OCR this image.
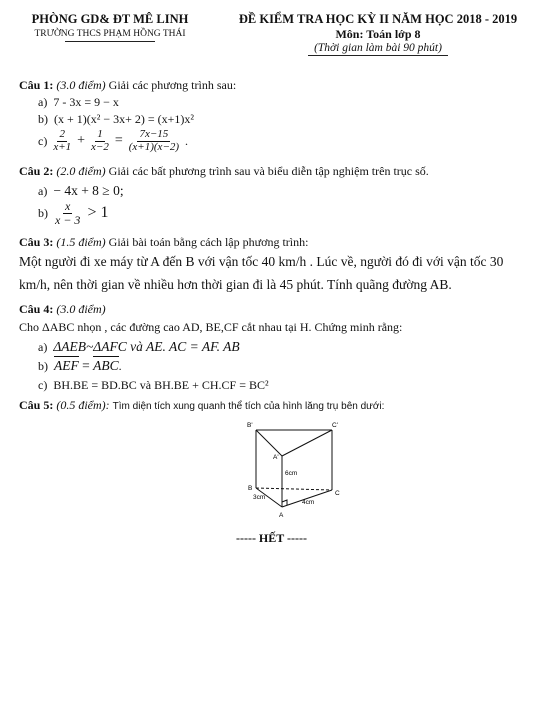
PHÒNG GD& ĐT MÊ LINH
TRƯỜNG THCS PHẠM HỒNG THÁI
ĐỀ KIỂM TRA HỌC KỲ II NĂM HỌC 2018 - 2019
Môn: Toán lớp 8
(Thời gian làm bài 90 phút)
Câu 1: (3.0 điểm) Giải các phương trình sau:
a) 7 - 3x = 9 − x
b) (x + 1)(x² − 3x+ 2) = (x+1)x²
$c) \frac{2}{x+1} + \frac{1}{x-2} = \frac{7x-15}{(x+1)(x-2)}$ .
Câu 2: (2.0 điểm) Giải các bất phương trình sau và biểu diễn tập nghiệm trên trục số.
a) − 4x + 8 ≥ 0;
$b) \frac{x}{x - 3} > 1$
Câu 3: (1.5 điểm) Giải bài toán bằng cách lập phương trình:
Một người đi xe máy từ A đến B với vận tốc 40 km/h . Lúc về, người đó đi với vận tốc 30
km/h, nên thời gian về nhiều hơn thời gian đi là 45 phút. Tính quãng đường AB.
Câu 4: (3.0 điểm)
Cho ΔABC nhọn , các đường cao AD, BE,CF cắt nhau tại H. Chứng minh rằng:
a) ΔAEB~ΔAFC và AE. AC = AF. AB
b) AEF = ABC.
c) BH.BE = BD.BC và BH.BE + CH.CF = BC²
Câu 5: (0.5 điểm): Tìm diện tích xung quanh thể tích của hình lăng trụ bên dưới:
B'	C'
A'
B
C
A
6cm
3cm
4cm
----- HẾT -----
